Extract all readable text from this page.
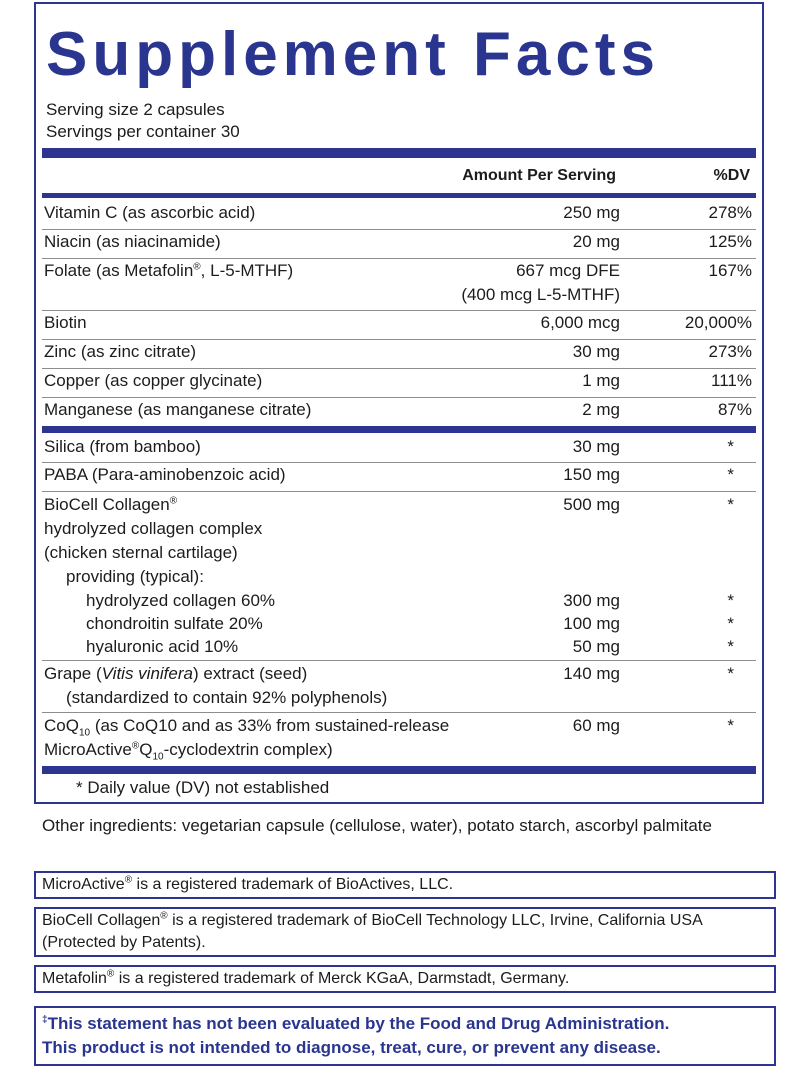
Supplement Facts
Serving size 2 capsules
Servings per container 30
Amount Per Serving	%DV
Vitamin C (as ascorbic acid)	250 mg	278%
Niacin (as niacinamide)	20 mg	125%
Folate (as Metafolin®, L-5-MTHF)	667 mcg DFE	167%
(400 mcg L-5-MTHF)
Biotin	6,000 mcg	20,000%
Zinc (as zinc citrate)	30 mg	273%
Copper (as copper glycinate)	1 mg	111%
Manganese (as manganese citrate)	2 mg	87%
Silica (from bamboo)	30 mg	*
PABA (Para-aminobenzoic acid)	150 mg	*
BioCell Collagen®	500 mg	*
hydrolyzed collagen complex
(chicken sternal cartilage)
providing (typical):
hydrolyzed collagen 60%	300 mg	*
chondroitin sulfate 20%	100 mg	*
hyaluronic acid 10%	50 mg	*
Grape (Vitis vinifera) extract (seed)	140 mg	*
(standardized to contain 92% polyphenols)
CoQ$_{10}$ (as CoQ10 and as 33% from sustained-release	60 mg	*
$MicroActive®Q_{10}$-cyclodextrin complex)
* Daily value (DV) not established

Other ingredients: vegetarian capsule (cellulose, water), potato starch, ascorbyl palmitate

MicroActive® is a registered trademark of BioActives, LLC.
BioCell Collagen® is a registered trademark of BioCell Technology LLC, Irvine, California USA (Protected by Patents).
Metafolin® is a registered trademark of Merck KGaA, Darmstadt, Germany.
‡This statement has not been evaluated by the Food and Drug Administration.
This product is not intended to diagnose, treat, cure, or prevent any disease.
